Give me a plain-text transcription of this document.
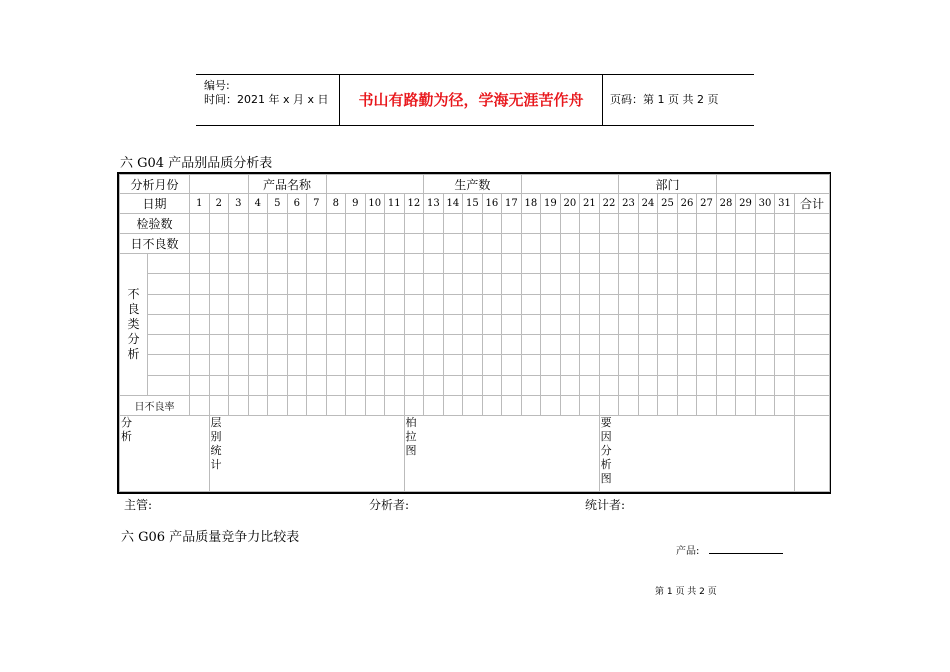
编号:
时间：2021 年 x 月 x 日	书山有路勤为径，学海无涯苦作舟	页码：第 1 页 共 2 页
六 G04 产品别品质分析表
分析月份					产品名称									生产数										部门									
日期		1	2	3	4	5	6	7	8	9	10	11	12	13	14	15	16	17	18	19	20	21	22	23	24	25	26	27	28	29	30	31	合计
检验数																																	
日不良数																																	

不良类分析																																	

日不良率																																	

分析			层别统计										柏拉图										要因分析图										

主管:	分析者:	统计者:
六 G06 产品质量竞争力比较表
产品:
第 1 页 共 2 页
